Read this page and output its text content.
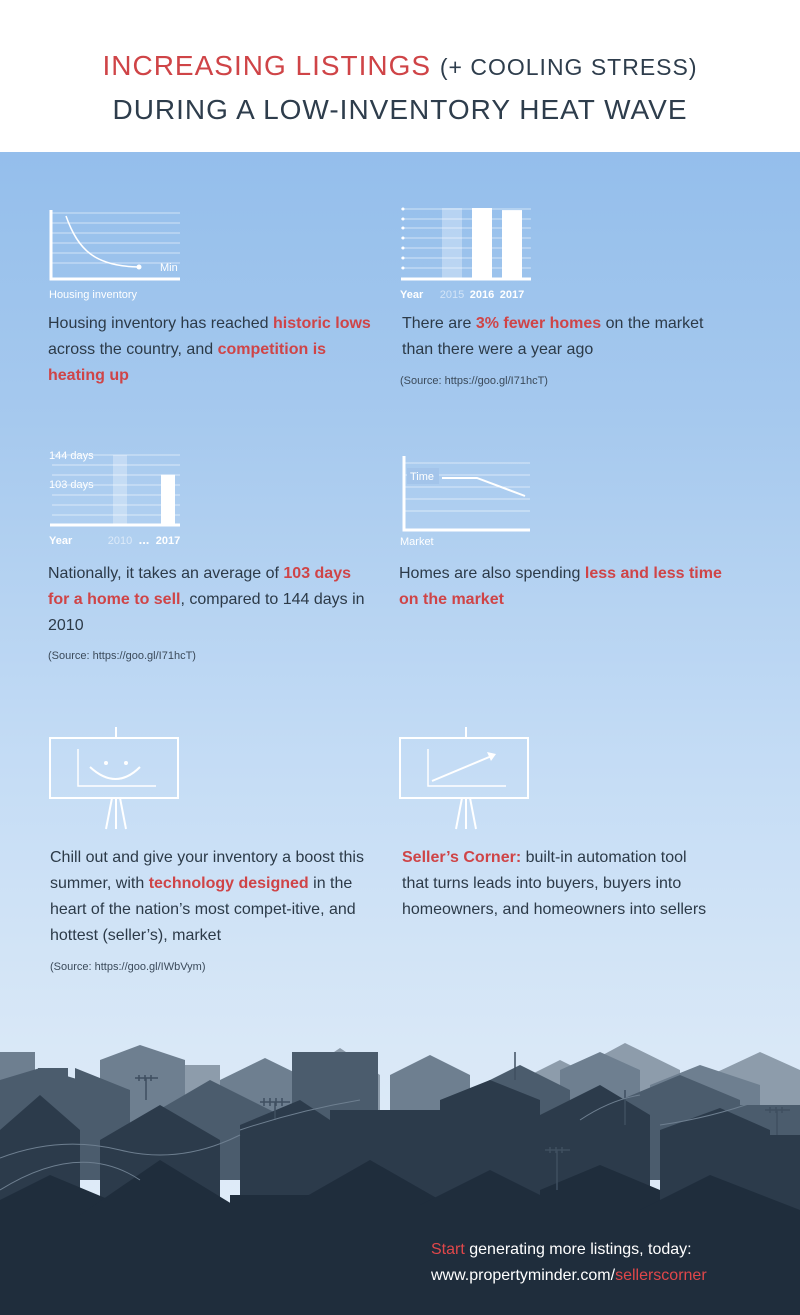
INCREASING LISTINGS (+ COOLING STRESS)
DURING A LOW-INVENTORY HEAT WAVE
Min
Housing inventory
Housing inventory has reached historic lows across the country, and competition is heating up
Year 2015 2016 2017
There are 3% fewer homes on the market than there were a year ago
(Source: https://goo.gl/I71hcT)
144 days
103 days
Year	2010 ... 2017
Nationally, it takes an average of 103 days for a home to sell, compared to 144 days in 2010
(Source: https://goo.gl/I71hcT)
Time
Market
Homes are also spending less and less time on the market
Chill out and give your inventory a boost this summer, with technology designed in the heart of the nation’s most compet-itive, and hottest (seller’s), market
(Source: https://goo.gl/IWbVym)
Seller’s Corner: built-in automation tool that turns leads into buyers, buyers into homeowners, and homeowners into sellers
Start generating more listings, today:
www.propertyminder.com/sellerscorner
